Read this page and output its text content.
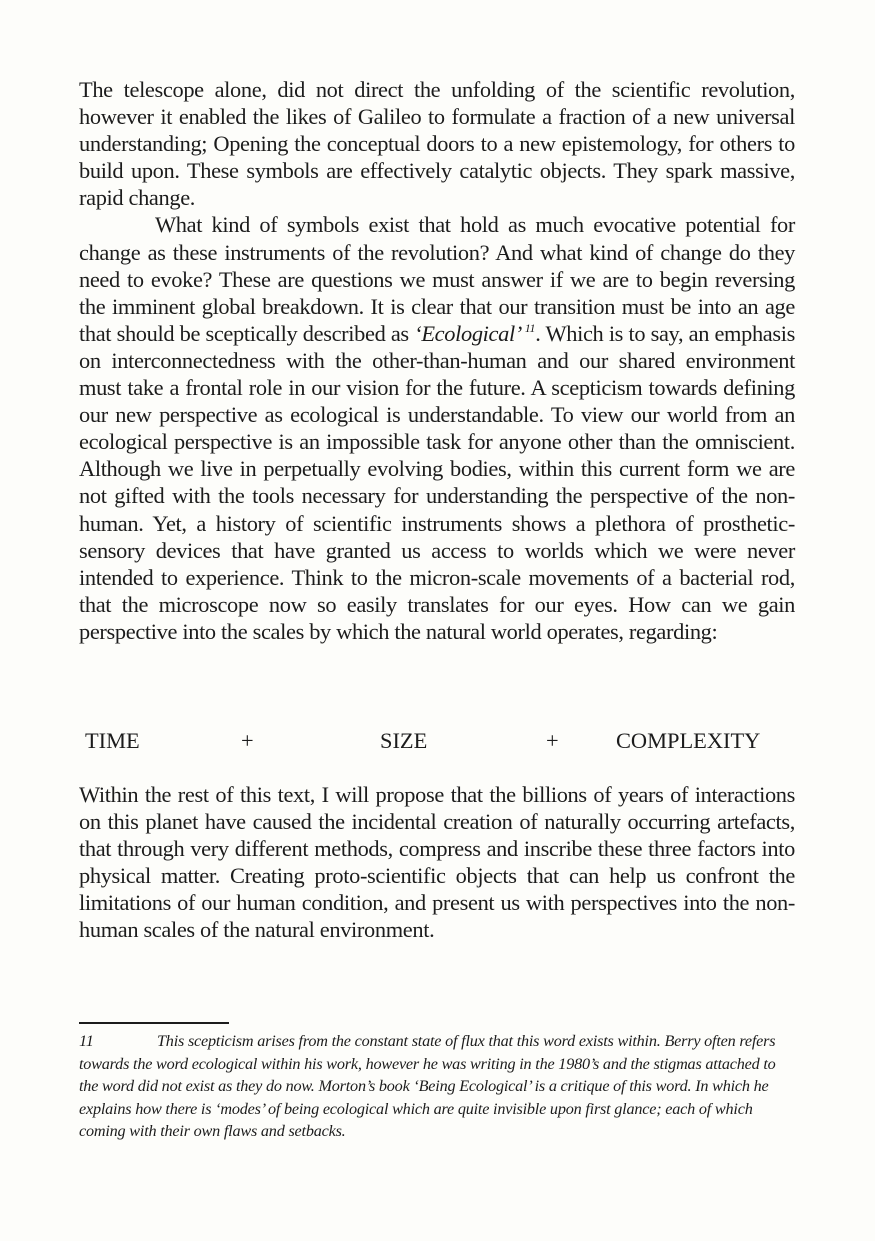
The telescope alone, did not direct the unfolding of the scientific revolution, however it enabled the likes of Galileo to formulate a fraction of a new universal understanding; Opening the conceptual doors to a new epistemology, for others to build upon. These symbols are effectively catalytic objects. They spark massive, rapid change.

What kind of symbols exist that hold as much evocative potential for change as these instruments of the revolution? And what kind of change do they need to evoke? These are questions we must answer if we are to begin reversing the imminent global breakdown. It is clear that our transition must be into an age that should be sceptically described as ‘Ecological’ $^{11}$. Which is to say, an emphasis on interconnectedness with the other-than-human and our shared environment must take a frontal role in our vision for the future. A scepticism towards defining our new perspective as ecological is understandable. To view our world from an ecological perspective is an impossible task for anyone other than the omniscient. Although we live in perpetually evolving bodies, within this current form we are not gifted with the tools necessary for understanding the perspective of the non-human. Yet, a history of scientific instruments shows a plethora of prosthetic-sensory devices that have granted us access to worlds which we were never intended to experience. Think to the micron-scale movements of a bacterial rod, that the microscope now so easily translates for our eyes. How can we gain perspective into the scales by which the natural world operates, regarding:

TIME	+	SIZE	+	COMPLEXITY

Within the rest of this text, I will propose that the billions of years of interactions on this planet have caused the incidental creation of naturally occurring artefacts, that through very different methods, compress and inscribe these three factors into physical matter. Creating proto-scientific objects that can help us confront the limitations of our human condition, and present us with perspectives into the non-human scales of the natural environment.

11	This scepticism arises from the constant state of flux that this word exists within. Berry often refers towards the word ecological within his work, however he was writing in the 1980’s and the stigmas attached to the word did not exist as they do now. Morton’s book ‘Being Ecological’ is a critique of this word. In which he explains how there is ‘modes’ of being ecological which are quite invisible upon first glance; each of which coming with their own flaws and setbacks.
